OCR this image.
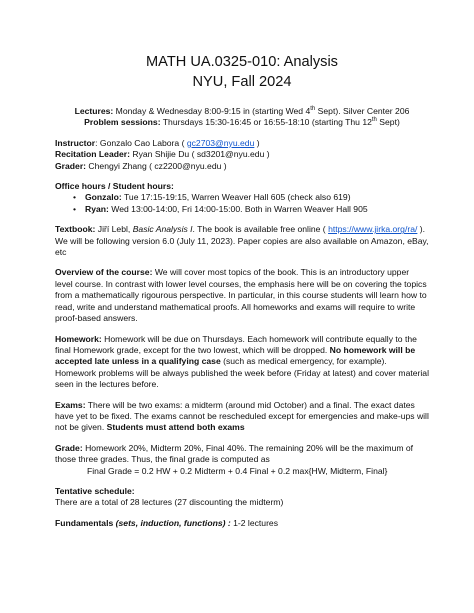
MATH UA.0325-010: Analysis
NYU, Fall 2024

Lectures: Monday & Wednesday 8:00-9:15 in (starting Wed 4th Sept). Silver Center 206

Problem sessions: Thursdays 15:30-16:45 or 16:55-18:10 (starting Thu 12th Sept)

Instructor: Gonzalo Cao Labora ( gc2703@nyu.edu )

Recitation Leader: Ryan Shijie Du ( sd3201@nyu.edu )

Grader: Chengyi Zhang ( cz2200@nyu.edu )

Office hours / Student hours:

• Gonzalo: Tue 17:15-19:15, Warren Weaver Hall 605 (check also 619)
• Ryan: Wed 13:00-14:00, Fri 14:00-15:00. Both in Warren Weaver Hall 905

Textbook: Jiří Lebl, Basic Analysis I. The book is available free online ( https://www.jirka.org/ra/ ). We will be following version 6.0 (July 11, 2023). Paper copies are also available on Amazon, eBay, etc

Overview of the course: We will cover most topics of the book. This is an introductory upper level course. In contrast with lower level courses, the emphasis here will be on covering the topics from a mathematically rigourous perspective. In particular, in this course students will learn how to read, write and understand mathematical proofs. All homeworks and exams will require to write proof-based answers.

Homework: Homework will be due on Thursdays. Each homework will contribute equally to the final Homework grade, except for the two lowest, which will be dropped. No homework will be accepted late unless in a qualifying case (such as medical emergency, for example). Homework problems will be always published the week before (Friday at latest) and cover material seen in the lectures before.

Exams: There will be two exams: a midterm (around mid October) and a final. The exact dates have yet to be fixed. The exams cannot be rescheduled except for emergencies and make-ups will not be given. Students must attend both exams

Grade: Homework 20%, Midterm 20%, Final 40%. The remaining 20% will be the maximum of those three grades. Thus, the final grade is computed as

Final Grade = 0.2 HW + 0.2 Midterm + 0.4 Final + 0.2 max{HW, Midterm, Final}

Tentative schedule:

There are a total of 28 lectures (27 discounting the midterm)

Fundamentals (sets, induction, functions) : 1-2 lectures
